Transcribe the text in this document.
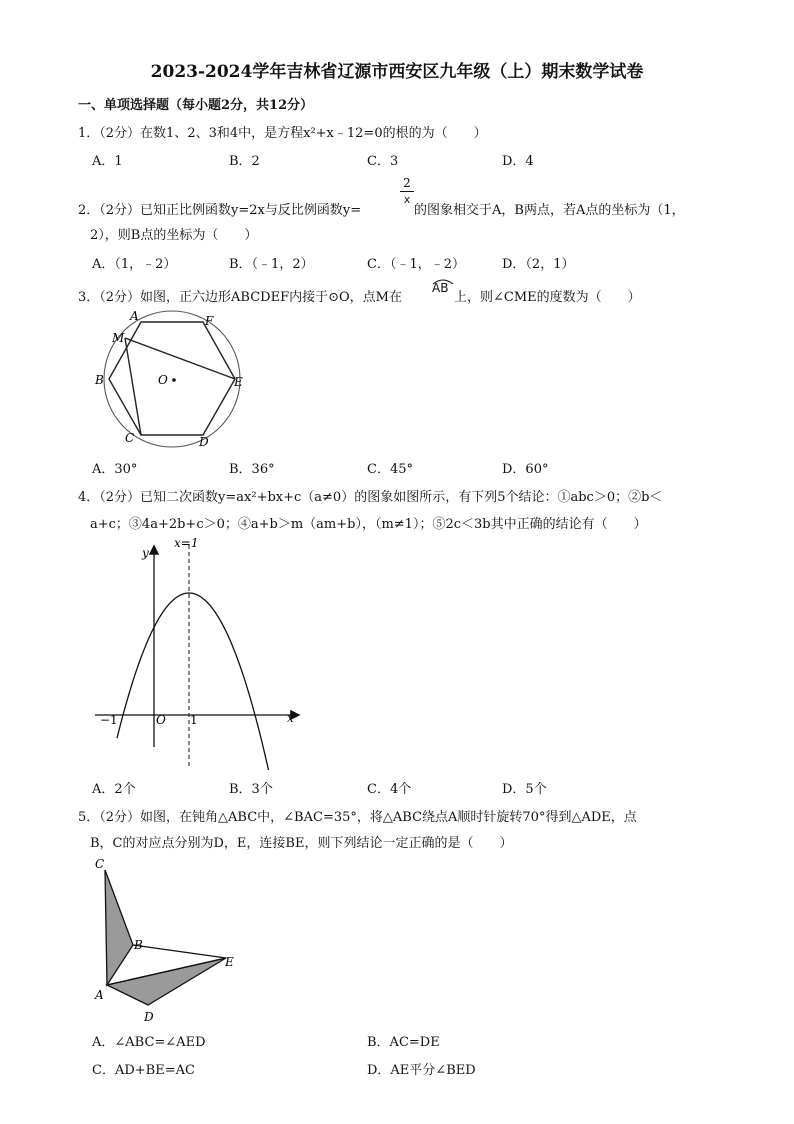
2023-2024学年吉林省辽源市西安区九年级（上）期末数学试卷
一、单项选择题（每小题2分，共12分）
1．（2分）在数1、2、3和4中，是方程x²+x﹣12=0的根的为（　　）
A．1	B．2	C．3	D．4
2．（2分）已知正比例函数y=2x与反比例函数y=
2
x
的图象相交于A，B两点，若A点的坐标为（1，
2），则B点的坐标为（　　）
A．（1，﹣2）	B．（﹣1，2）	C．（﹣1，﹣2）	D．（2，1）
3．（2分）如图，正六边形ABCDEF内接于⊙O，点M在
AB
上，则∠CME的度数为（　　）
A	F
M
B	O	E
C	D
A．30°	B．36°	C．45°	D．60°
4．（2分）已知二次函数y=ax²+bx+c（a≠0）的图象如图所示，有下列5个结论：①abc＞0；②b＜
a+c；③4a+2b+c＞0；④a+b＞m（am+b），（m≠1）；⑤2c＜3b其中正确的结论有（　　）
x=1
y
x
−1	O 1
A．2个	B．3个	C．4个	D．5个
5．（2分）如图，在钝角△ABC中，∠BAC=35°，将△ABC绕点A顺时针旋转70°得到△ADE，点
B，C的对应点分别为D，E，连接BE，则下列结论一定正确的是（　　）
C
B
E
A
D
A．∠ABC=∠AED	B．AC=DE
C．AD+BE=AC	D．AE平分∠BED
